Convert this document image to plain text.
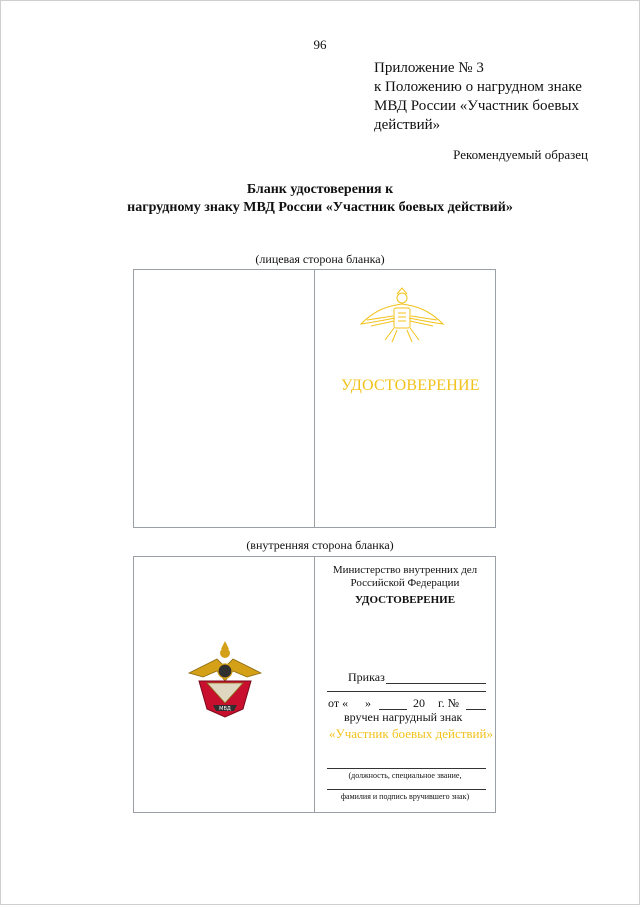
96
Приложение № 3
к Положению о нагрудном знаке
МВД России «Участник боевых
действий»
Рекомендуемый образец
Бланк удостоверения к
нагрудному знаку МВД России «Участник боевых действий»
(лицевая сторона бланка)
УДОСТОВЕРЕНИЕ
(внутренняя сторона бланка)
МВД
Министерство внутренних дел
Российской Федерации
УДОСТОВЕРЕНИЕ
Приказ
от « »	20 г. №
вручен нагрудный знак
«Участник боевых действий»
(должность, специальное звание,
фамилия и подпись вручившего знак)
